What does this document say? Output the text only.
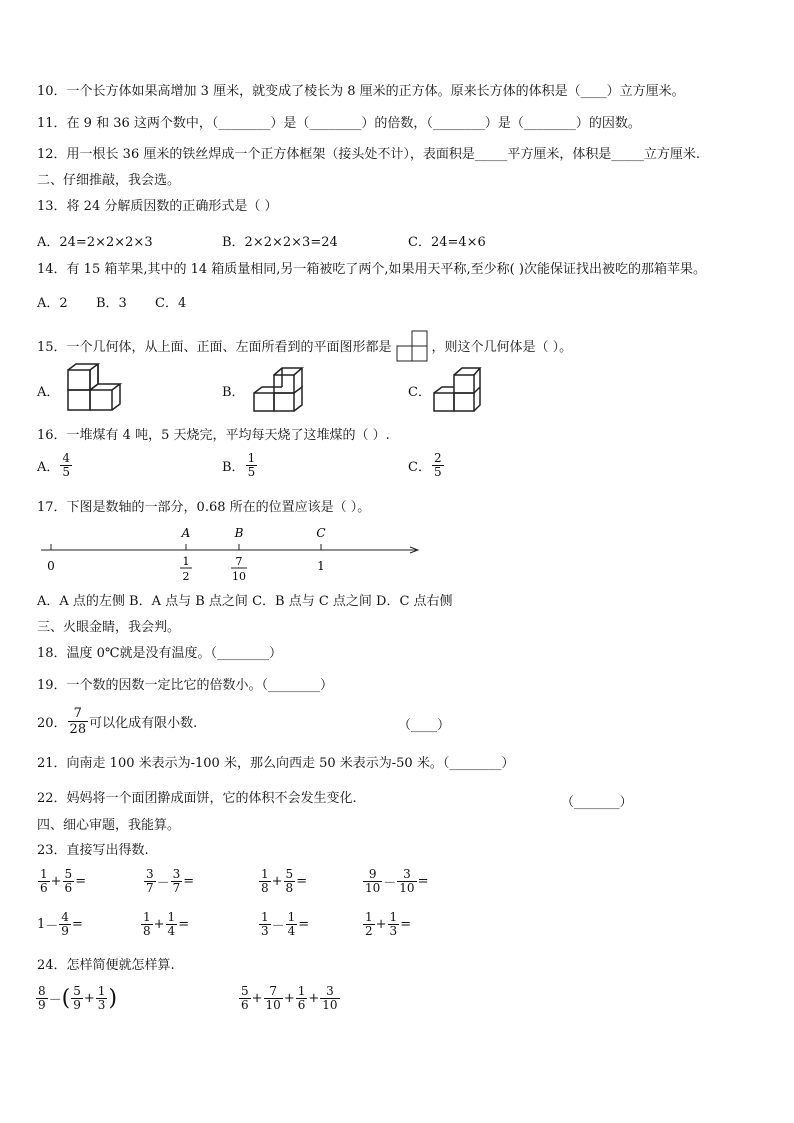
10．一个长方体如果高增加 3 厘米，就变成了棱长为 8 厘米的正方体。原来长方体的体积是（____）立方厘米。
11．在 9 和 36 这两个数中，（________）是（________）的倍数，（________）是（________）的因数。
12．用一根长 36 厘米的铁丝焊成一个正方体框架（接头处不计），表面积是_____平方厘米，体积是_____立方厘米.
二、仔细推敲，我会选。
13．将 24 分解质因数的正确形式是（ ）
A．24=2×2×2×3	B．2×2×2×3=24	C．24=4×6
14．有 15 箱苹果,其中的 14 箱质量相同,另一箱被吃了两个,如果用天平称,至少称( )次能保证找出被吃的那箱苹果。
A．2 B．3 C．4
15．一个几何体，从上面、正面、左面所看到的平面图形都是	，则这个几何体是（ ）。
A．	B．	C．
16．一堆煤有 4 吨，5 天烧完，平均每天烧了这堆煤的（ ）.
A． $\frac{4}{5}$	B． $\frac{1}{5}$	C． $\frac{2}{5}$
17．下图是数轴的一部分，0.68 所在的位置应该是（ ）。
A	B	C
0	1
1
2
7
10
A．A 点的左侧 B．A 点与 B 点之间 C．B 点与 C 点之间 D．C 点右侧
三、火眼金睛，我会判。
18．温度 0℃就是没有温度。（________）
19．一个数的因数一定比它的倍数小。（________）
20． $\frac{7}{28}$ 可以化成有限小数.	（____）
21．向南走 100 米表示为-100 米，那么向西走 50 米表示为-50 米。（________）
22．妈妈将一个面团擀成面饼，它的体积不会发生变化.	（_______）
四、细心审题，我能算。
23．直接写出得数.
$\frac{1}{6} + \frac{5}{6}$ =	$\frac{3}{7} - \frac{3}{7}$ =	$\frac{1}{8} + \frac{5}{8}$ =	$\frac{9}{10} - \frac{3}{10}$ =
$1- \frac{4}{9}$ =	$\frac{1}{8} + \frac{1}{4}$ =	$\frac{1}{3} - \frac{1}{4}$ =	$\frac{1}{2} + \frac{1}{3}$ =
24．怎样简便就怎样算.
$\frac{8}{9}$ －( $\frac{5}{9} + \frac{1}{3}$ )	$\frac{5}{6} + \frac{7}{10} + \frac{1}{6} + \frac{3}{10}$
